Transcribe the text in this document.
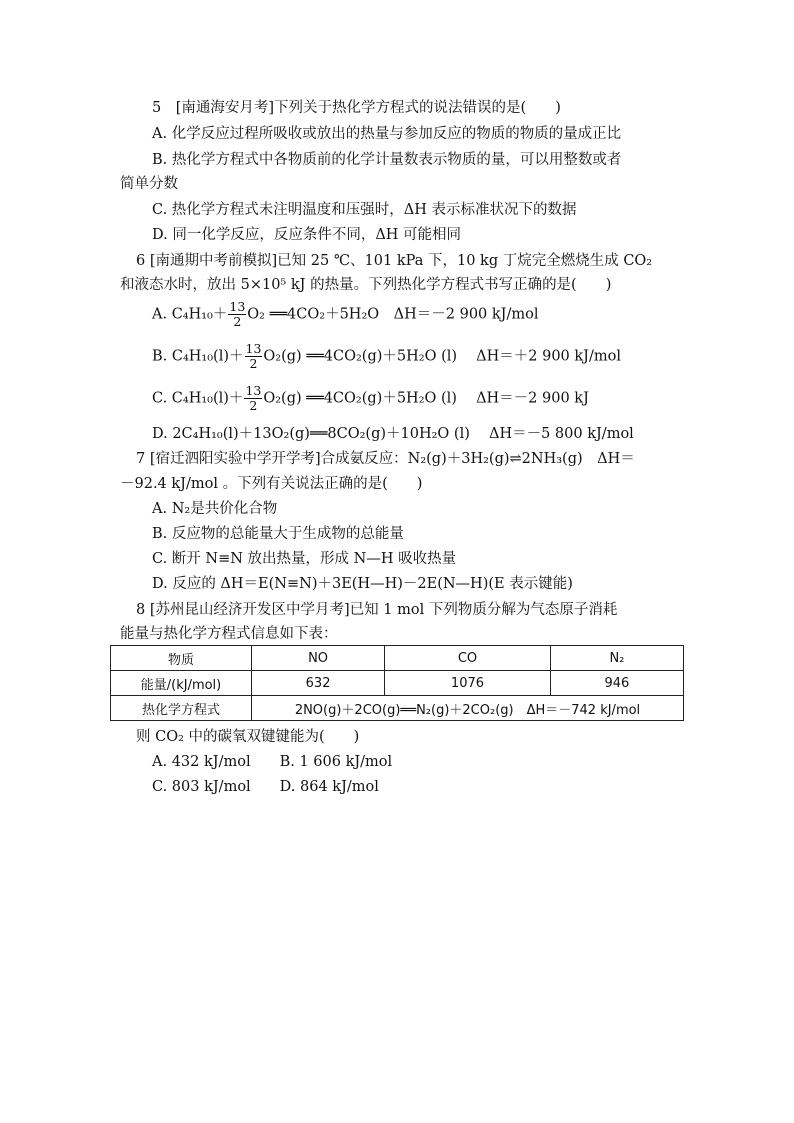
5　[南通海安月考]下列关于热化学方程式的说法错误的是(　　)
A. 化学反应过程所吸收或放出的热量与参加反应的物质的物质的量成正比
B. 热化学方程式中各物质前的化学计量数表示物质的量，可以用整数或者
简单分数
C. 热化学方程式未注明温度和压强时，ΔH 表示标准状况下的数据
D. 同一化学反应，反应条件不同，ΔH 可能相同
6 [南通期中考前模拟]已知 25 ℃、101 kPa 下，10 kg 丁烷完全燃烧生成 CO₂
和液态水时，放出 5×10⁵ kJ 的热量。下列热化学方程式书写正确的是(　　)
A. $C_4H_{10}+ \frac{13}{2} O_2$ ══4CO₂＋5H₂O　ΔH＝－2 900 kJ/mol
B. $C_4H_{10}(l)+ \frac{13}{2} O_2(g)$ ══4CO₂(g)＋5H₂O (l)　 ΔH＝＋2 900 kJ/mol
C. $C_4H_{10}(l)+ \frac{13}{2} O_2(g)$ ══4CO₂(g)＋5H₂O (l)　 ΔH＝－2 900 kJ
D. 2C₄H₁₀(l)＋13O₂(g)══8CO₂(g)＋10H₂O (l)　 ΔH＝－5 800 kJ/mol
7 [宿迁泗阳实验中学开学考]合成氨反应：N₂(g)＋3H₂(g)⇌2NH₃(g)　ΔH＝
－92.4 kJ/mol 。下列有关说法正确的是(　　)
A. N₂是共价化合物
B. 反应物的总能量大于生成物的总能量
C. 断开 N≡N 放出热量，形成 N—H 吸收热量
D. 反应的 ΔH＝E(N≡N)＋3E(H—H)－2E(N—H)(E 表示键能)
8 [苏州昆山经济开发区中学月考]已知 1 mol 下列物质分解为气态原子消耗
能量与热化学方程式信息如下表：
物质	NO	CO	N₂
能量/(kJ/mol)	632	1076	946
热化学方程式	2NO(g)＋2CO(g)══N₂(g)＋2CO₂(g)　ΔH＝－742 kJ/mol		
则 CO₂ 中的碳氧双键键能为(　　)
A. 432 kJ/mol　　B. 1 606 kJ/mol
C. 803 kJ/mol　　D. 864 kJ/mol
